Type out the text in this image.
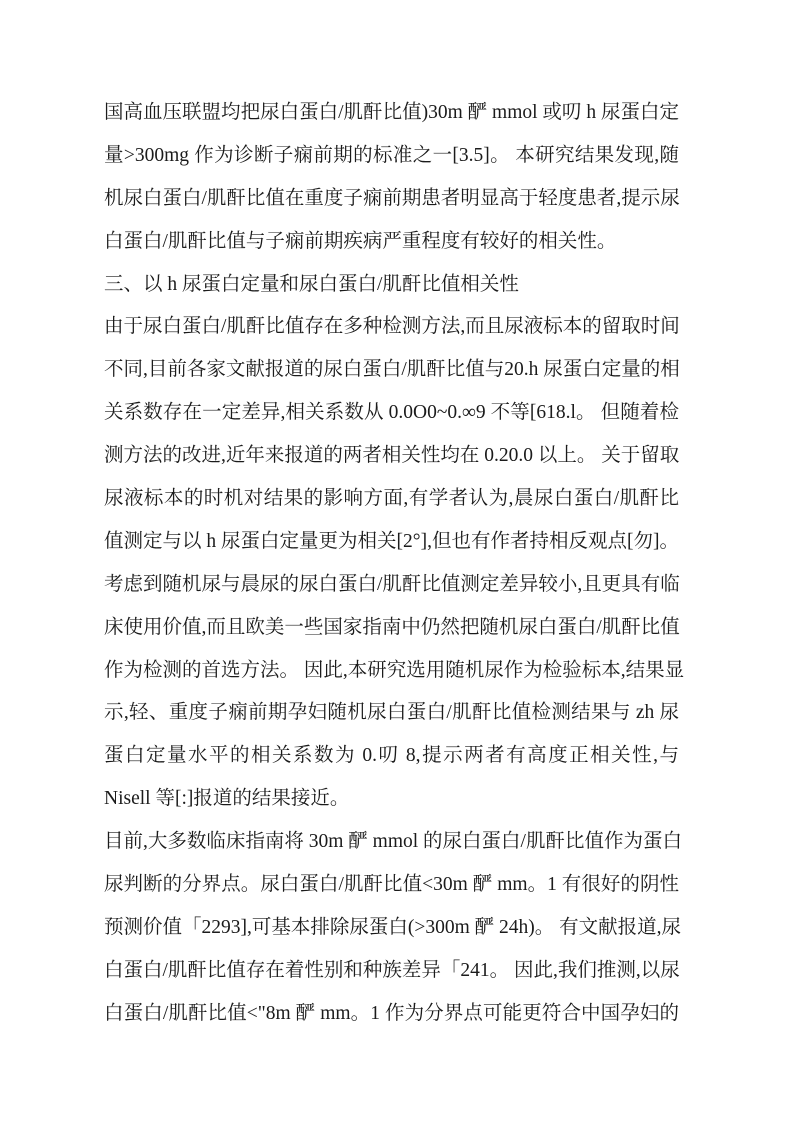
国高血压联盟均把尿白蛋白/肌酐比值)30m 酽 mmol 或叨 h 尿蛋白定
量>300mg 作为诊断子痫前期的标准之一[3.5]。 本研究结果发现,随
机尿白蛋白/肌酐比值在重度子痫前期患者明显高于轻度患者,提示尿
白蛋白/肌酐比值与子痫前期疾病严重程度有较好的相关性。
三、以 h 尿蛋白定量和尿白蛋白/肌酐比值相关性
由于尿白蛋白/肌酐比值存在多种检测方法,而且尿液标本的留取时间
不同,目前各家文献报道的尿白蛋白/肌酐比值与20.h 尿蛋白定量的相
关系数存在一定差异,相关系数从 0.0O0~0.∞9 不等[618.l。 但随着检
测方法的改进,近年来报道的两者相关性均在 0.20.0 以上。 关于留取
尿液标本的时机对结果的影响方面,有学者认为,晨尿白蛋白/肌酐比
值测定与以 h 尿蛋白定量更为相关[2°],但也有作者持相反观点[勿]。
考虑到随机尿与晨尿的尿白蛋白/肌酐比值测定差异较小,且更具有临
床使用价值,而且欧美一些国家指南中仍然把随机尿白蛋白/肌酐比值
作为检测的首选方法。 因此,本研究选用随机尿作为检验标本,结果显
示,轻、重度子痫前期孕妇随机尿白蛋白/肌酐比值检测结果与 zh 尿
蛋白定量水平的相关系数为 0.叨 8,提示两者有高度正相关性,与
Nisell 等[:]报道的结果接近。
目前,大多数临床指南将 30m 酽 mmol 的尿白蛋白/肌酐比值作为蛋白
尿判断的分界点。尿白蛋白/肌酐比值<30m 酽 mm。1 有很好的阴性
预测价值「2293],可基本排除尿蛋白(>300m 酽 24h)。 有文献报道,尿
白蛋白/肌酐比值存在着性别和种族差异「241。 因此,我们推测,以尿
白蛋白/肌酐比值<"8m 酽 mm。1 作为分界点可能更符合中国孕妇的
